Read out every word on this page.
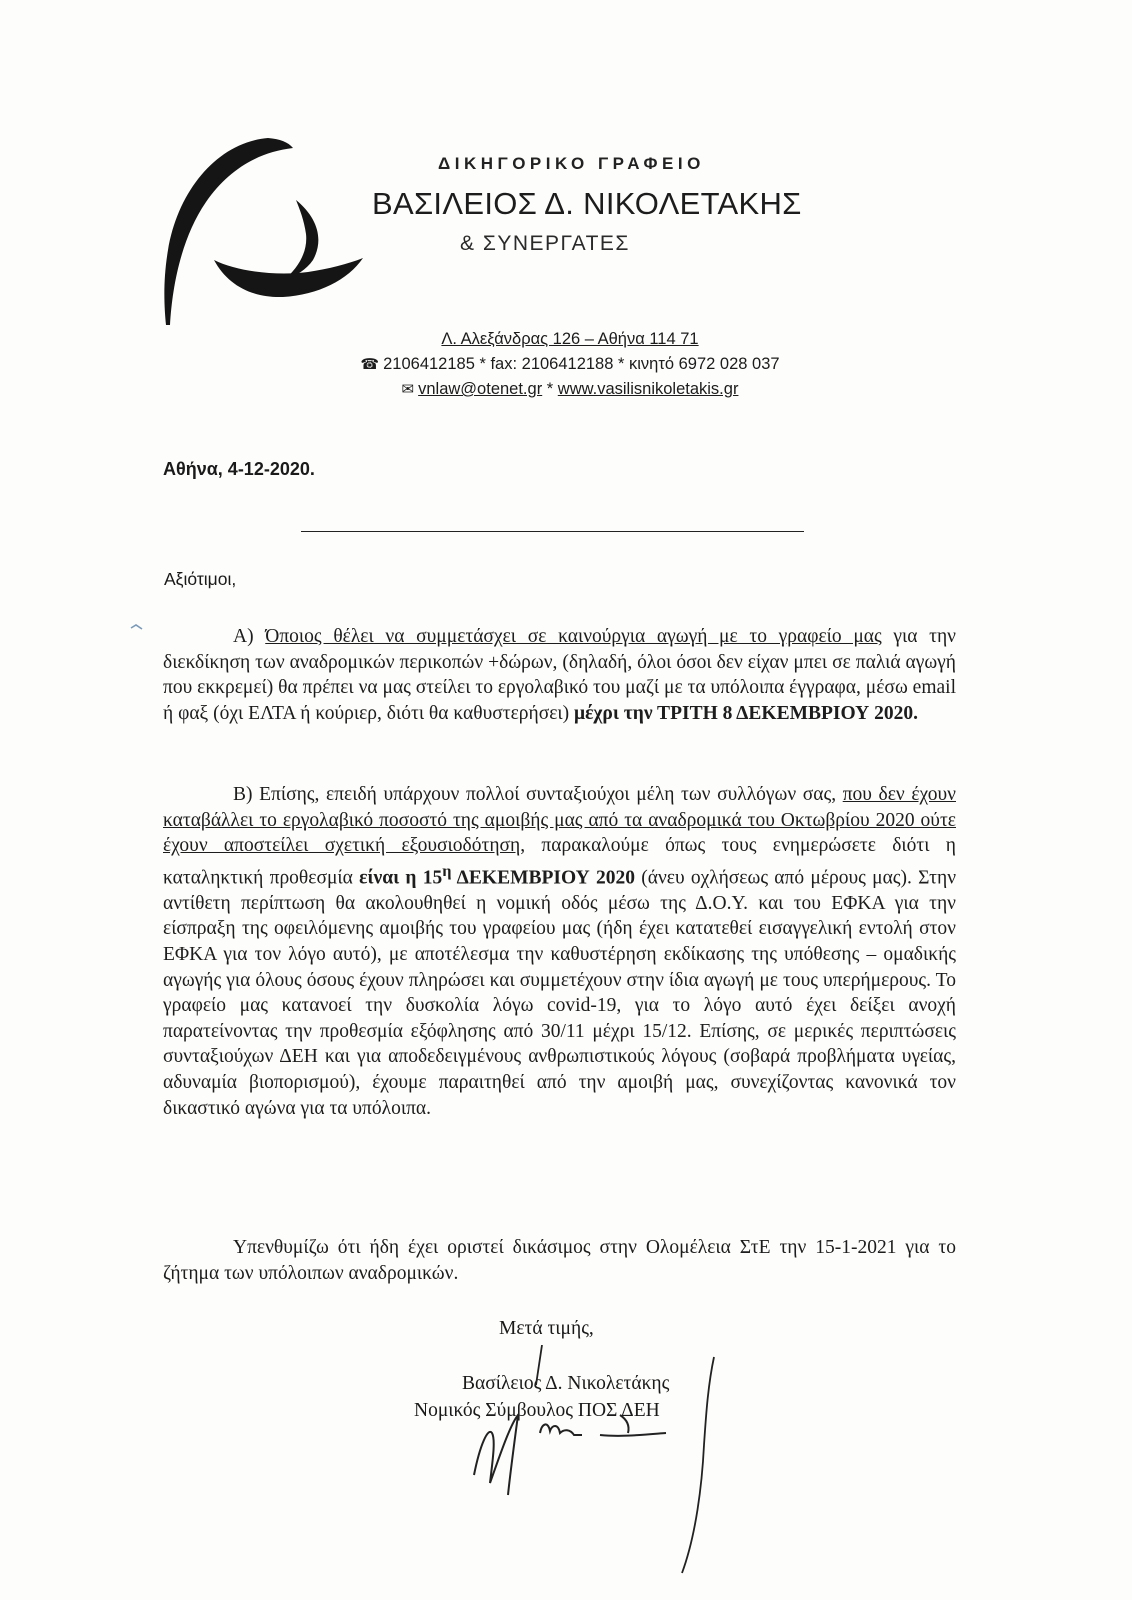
ΔΙΚΗΓΟΡΙΚΟ ΓΡΑΦΕΙΟ
ΒΑΣΙΛΕΙΟΣ Δ. ΝΙΚΟΛΕΤΑΚΗΣ
& ΣΥΝΕΡΓΑΤΕΣ
Λ. Αλεξάνδρας 126 – Αθήνα 114 71
☎ 2106412185 * fax: 2106412188 * κινητό 6972 028 037
✉ vnlaw@otenet.gr * www.vasilisnikoletakis.gr
Αθήνα, 4-12-2020.
Αξιότιμοι,
Α) Όποιος θέλει να συμμετάσχει σε καινούργια αγωγή με το γραφείο μας για την διεκδίκηση των αναδρομικών περικοπών +δώρων, (δηλαδή, όλοι όσοι δεν είχαν μπει σε παλιά αγωγή που εκκρεμεί) θα πρέπει να μας στείλει το εργολαβικό του μαζί με τα υπόλοιπα έγγραφα, μέσω email ή φαξ (όχι ΕΛΤΑ ή κούριερ, διότι θα καθυστερήσει) μέχρι την ΤΡΙΤΗ 8 ΔΕΚΕΜΒΡΙΟΥ 2020.
Β) Επίσης, επειδή υπάρχουν πολλοί συνταξιούχοι μέλη των συλλόγων σας, που δεν έχουν καταβάλλει το εργολαβικό ποσοστό της αμοιβής μας από τα αναδρομικά του Οκτωβρίου 2020 ούτε έχουν αποστείλει σχετική εξουσιοδότηση, παρακαλούμε όπως τους ενημερώσετε διότι η καταληκτική προθεσμία είναι η $15^\eta$ ΔΕΚΕΜΒΡΙΟΥ 2020 (άνευ οχλήσεως από μέρους μας). Στην αντίθετη περίπτωση θα ακολουθηθεί η νομική οδός μέσω της Δ.Ο.Υ. και του ΕΦΚΑ για την είσπραξη της οφειλόμενης αμοιβής του γραφείου μας (ήδη έχει κατατεθεί εισαγγελική εντολή στον ΕΦΚΑ για τον λόγο αυτό), με αποτέλεσμα την καθυστέρηση εκδίκασης της υπόθεσης – ομαδικής αγωγής για όλους όσους έχουν πληρώσει και συμμετέχουν στην ίδια αγωγή με τους υπερήμερους. Το γραφείο μας κατανοεί την δυσκολία λόγω covid-19, για το λόγο αυτό έχει δείξει ανοχή παρατείνοντας την προθεσμία εξόφλησης από 30/11 μέχρι 15/12. Επίσης, σε μερικές περιπτώσεις συνταξιούχων ΔΕΗ και για αποδεδειγμένους ανθρωπιστικούς λόγους (σοβαρά προβλήματα υγείας, αδυναμία βιοπορισμού), έχουμε παραιτηθεί από την αμοιβή μας, συνεχίζοντας κανονικά τον δικαστικό αγώνα για τα υπόλοιπα.
Υπενθυμίζω ότι ήδη έχει οριστεί δικάσιμος στην Ολομέλεια ΣτΕ την 15-1-2021 για το ζήτημα των υπόλοιπων αναδρομικών.
Μετά τιμής,
Βασίλειος Δ. Νικολετάκης
Νομικός Σύμβουλος ΠΟΣ ΔΕΗ
